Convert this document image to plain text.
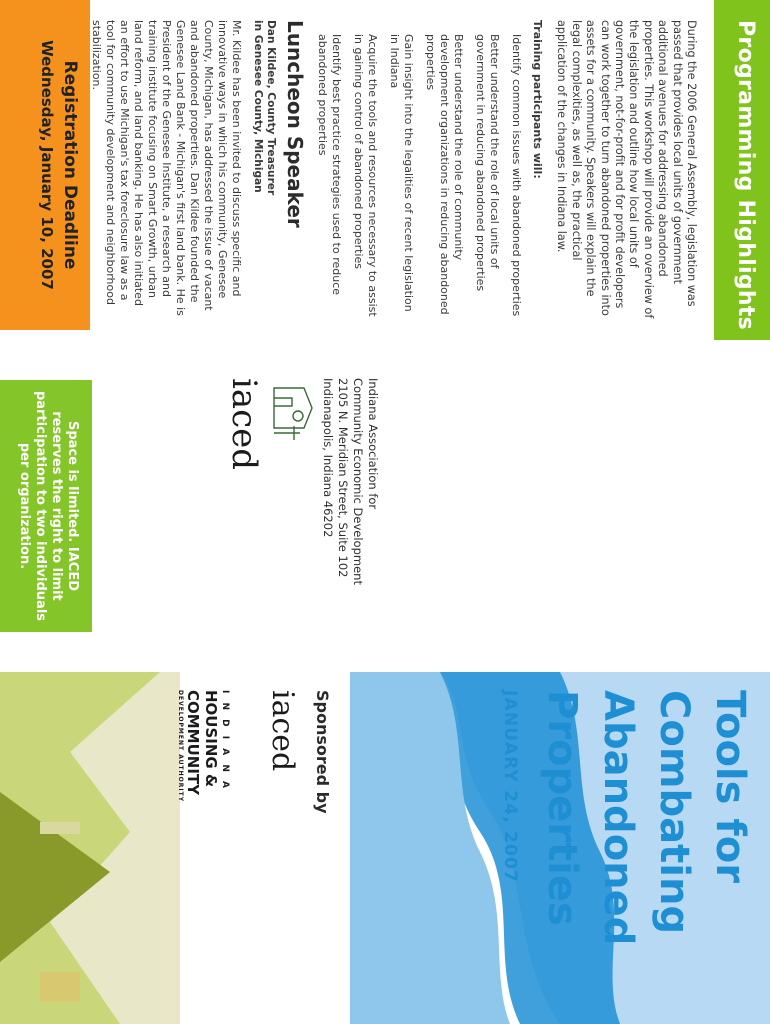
Programming Highlights

During the 2006 General Assembly, legislation was passed that provides local units of government additional avenues for addressing abandoned properties. This workshop will provide an overview of the legislation and outline how local units of government, not-for-profit and for profit developers can work together to turn abandoned properties into assets for a community. Speakers will explain the legal complexities, as well as, the practical application of the changes in Indiana law.

Training participants will:

Identify common issues with abandoned properties
Better understand the role of local units of government in reducing abandoned properties
Better understand the role of community development organizations in reducing abandoned properties
Gain insight into the legalities of recent legislation in Indiana
Acquire the tools and resources necessary to assist in gaining control of abandoned properties
Identify best practice strategies used to reduce abandoned properties
Luncheon Speaker
Dan Kildee, County Treasurer
in Genesee County, Michigan

Mr. Kildee has been invited to discuss specific and innovative ways in which his community, Genesee County, Michigan, has addressed the issue of vacant and abandoned properties. Dan Kildee founded the Genesee Land Bank - Michigan's first land bank. He is President of the Genesee Institute, a research and training institute focusing on Smart Growth, urban land reform, and land banking. He has also initiated an effort to use Michigan's tax foreclosure law as a tool for community development and neighborhood stabilization.

Registration Deadline
Wednesday, January 10, 2007
Indiana Association for
Community Economic Development
2105 N. Meridian Street, Suite 102
Indianapolis, Indiana 46202
iaced
Space is limited. IACED reserves the right to limit participation to two individuals per organization.
Tools for
Combating
Abandoned
Properties
JANUARY 24, 2007
Sponsored by
iaced
I N D I A N A
HOUSING & COMMUNITY
DEVELOPMENT AUTHORITY
